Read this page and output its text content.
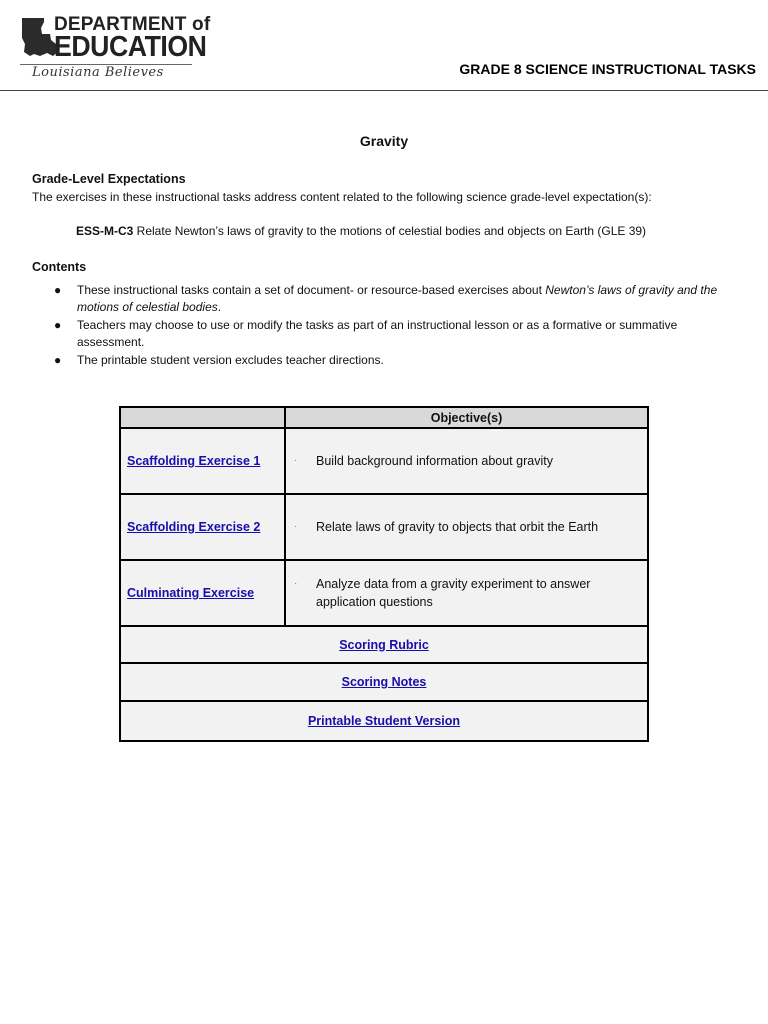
DEPARTMENT of
EDUCATION
Louisiana Believes	GRADE 8 SCIENCE INSTRUCTIONAL TASKS
Gravity
Grade-Level Expectations
The exercises in these instructional tasks address content related to the following science grade-level expectation(s):
ESS-M-C3 Relate Newton’s laws of gravity to the motions of celestial bodies and objects on Earth (GLE 39)
Contents
● These instructional tasks contain a set of document- or resource-based exercises about Newton’s laws of gravity and the motions of celestial bodies.
● Teachers may choose to use or modify the tasks as part of an instructional lesson or as a formative or summative assessment.
● The printable student version excludes teacher directions.
	Objective(s)
Scaffolding Exercise 1	· Build background information about gravity

Scaffolding Exercise 2	· Relate laws of gravity to objects that orbit the Earth

Culminating Exercise	· Analyze data from a gravity experiment to answer application questions

Scoring Rubric	
Scoring Notes	
Printable Student Version	
